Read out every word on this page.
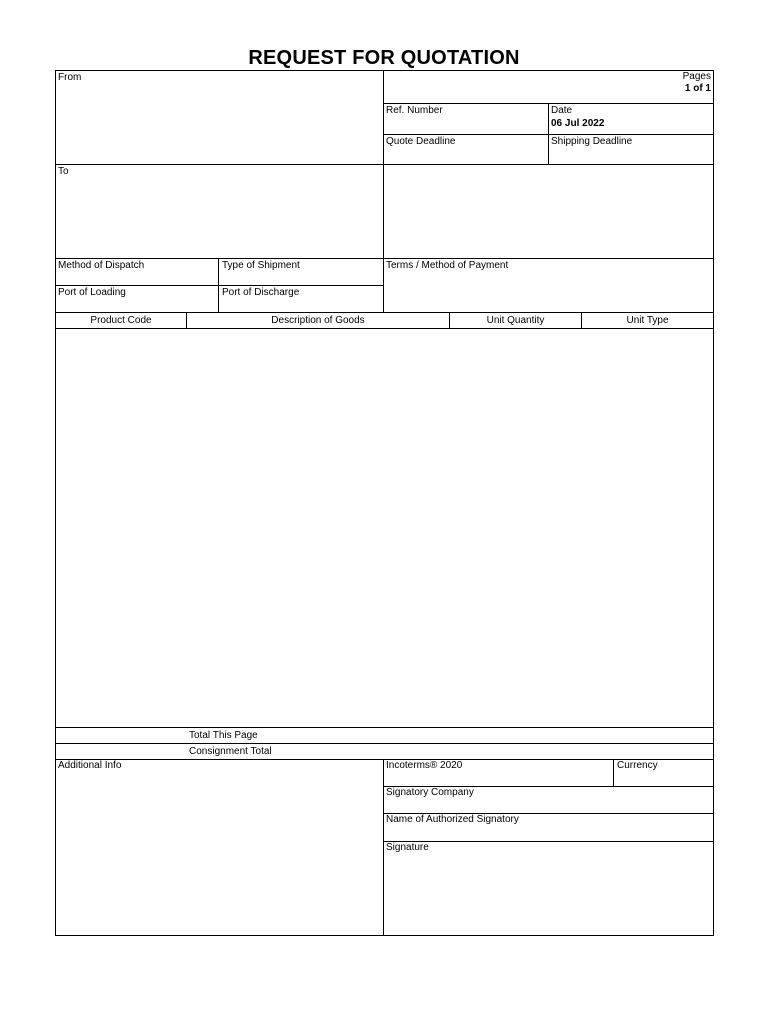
REQUEST FOR QUOTATION
From	Pages
1 of 1
Ref. Number	Date
06 Jul 2022
Quote Deadline	Shipping Deadline
To
Method of Dispatch	Type of Shipment	Terms / Method of Payment
Port of Loading	Port of Discharge
Product Code	Description of Goods	Unit Quantity	Unit Type
Total This Page
Consignment Total
Additional Info	Incoterms® 2020	Currency
Signatory Company
Name of Authorized Signatory
Signature
